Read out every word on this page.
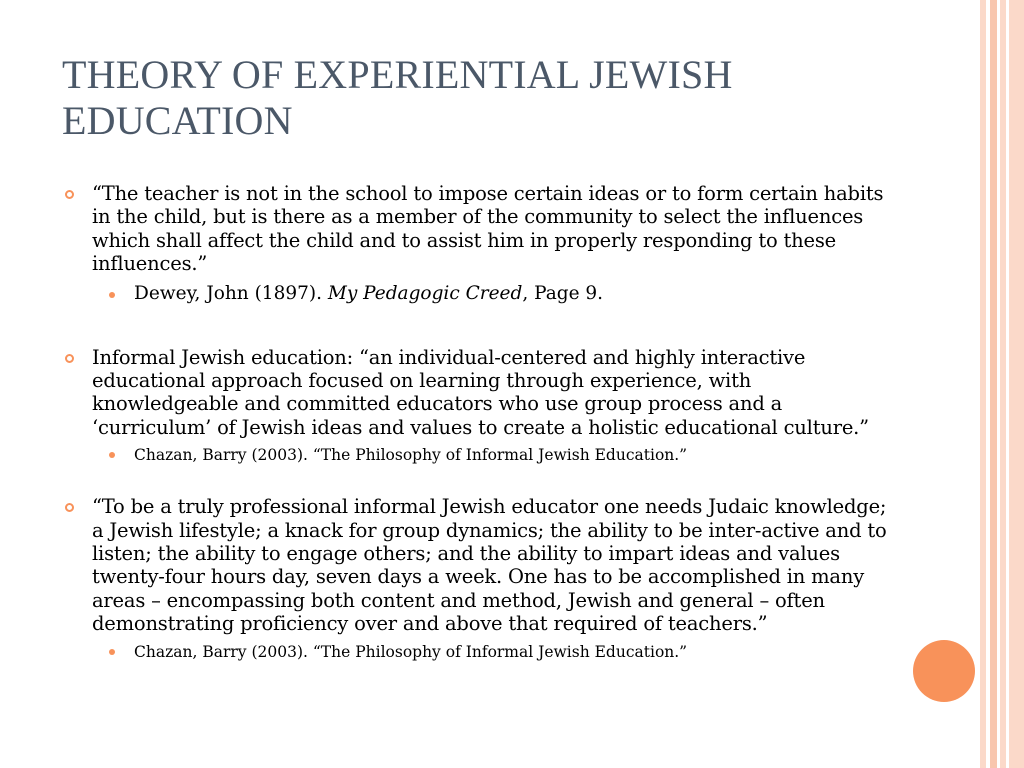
THEORY OF EXPERIENTIAL JEWISH EDUCATION
“The teacher is not in the school to impose certain ideas or to form certain habits in the child, but is there as a member of the community to select the influences which shall affect the child and to assist him in properly responding to these influences.”
Dewey, John (1897). My Pedagogic Creed, Page 9.
Informal Jewish education: “an individual-centered and highly interactive educational approach focused on learning through experience, with knowledgeable and committed educators who use group process and a ‘curriculum’ of Jewish ideas and values to create a holistic educational culture.”
Chazan, Barry (2003). “The Philosophy of Informal Jewish Education.”
“To be a truly professional informal Jewish educator one needs Judaic knowledge; a Jewish lifestyle; a knack for group dynamics; the ability to be inter-active and to listen; the ability to engage others; and the ability to impart ideas and values twenty-four hours day, seven days a week. One has to be accomplished in many areas – encompassing both content and method, Jewish and general – often demonstrating proficiency over and above that required of teachers.”
Chazan, Barry (2003). “The Philosophy of Informal Jewish Education.”
